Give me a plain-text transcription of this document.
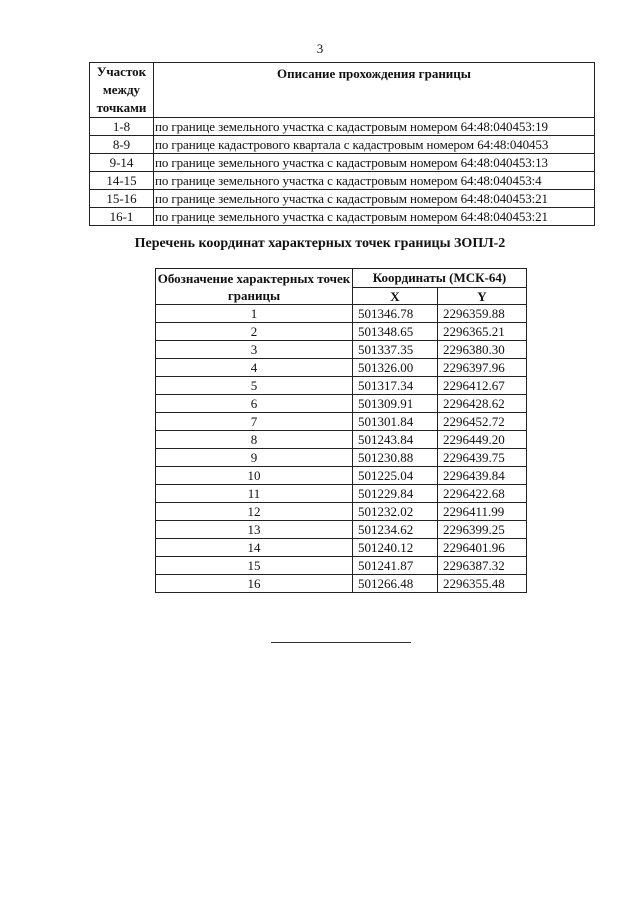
3
Участок между точками	Описание прохождения границы
1-8	по границе земельного участка с кадастровым номером 64:48:040453:19
8-9	по границе кадастрового квартала с кадастровым номером 64:48:040453
9-14	по границе земельного участка с кадастровым номером 64:48:040453:13
14-15	по границе земельного участка с кадастровым номером 64:48:040453:4
15-16	по границе земельного участка с кадастровым номером 64:48:040453:21
16-1	по границе земельного участка с кадастровым номером 64:48:040453:21
Перечень координат характерных точек границы ЗОПЛ-2
Обозначение характерных точек границы	Координаты (МСК-64)	
	X	Y
1	501346.78	2296359.88
2	501348.65	2296365.21
3	501337.35	2296380.30
4	501326.00	2296397.96
5	501317.34	2296412.67
6	501309.91	2296428.62
7	501301.84	2296452.72
8	501243.84	2296449.20
9	501230.88	2296439.75
10	501225.04	2296439.84
11	501229.84	2296422.68
12	501232.02	2296411.99
13	501234.62	2296399.25
14	501240.12	2296401.96
15	501241.87	2296387.32
16	501266.48	2296355.48
